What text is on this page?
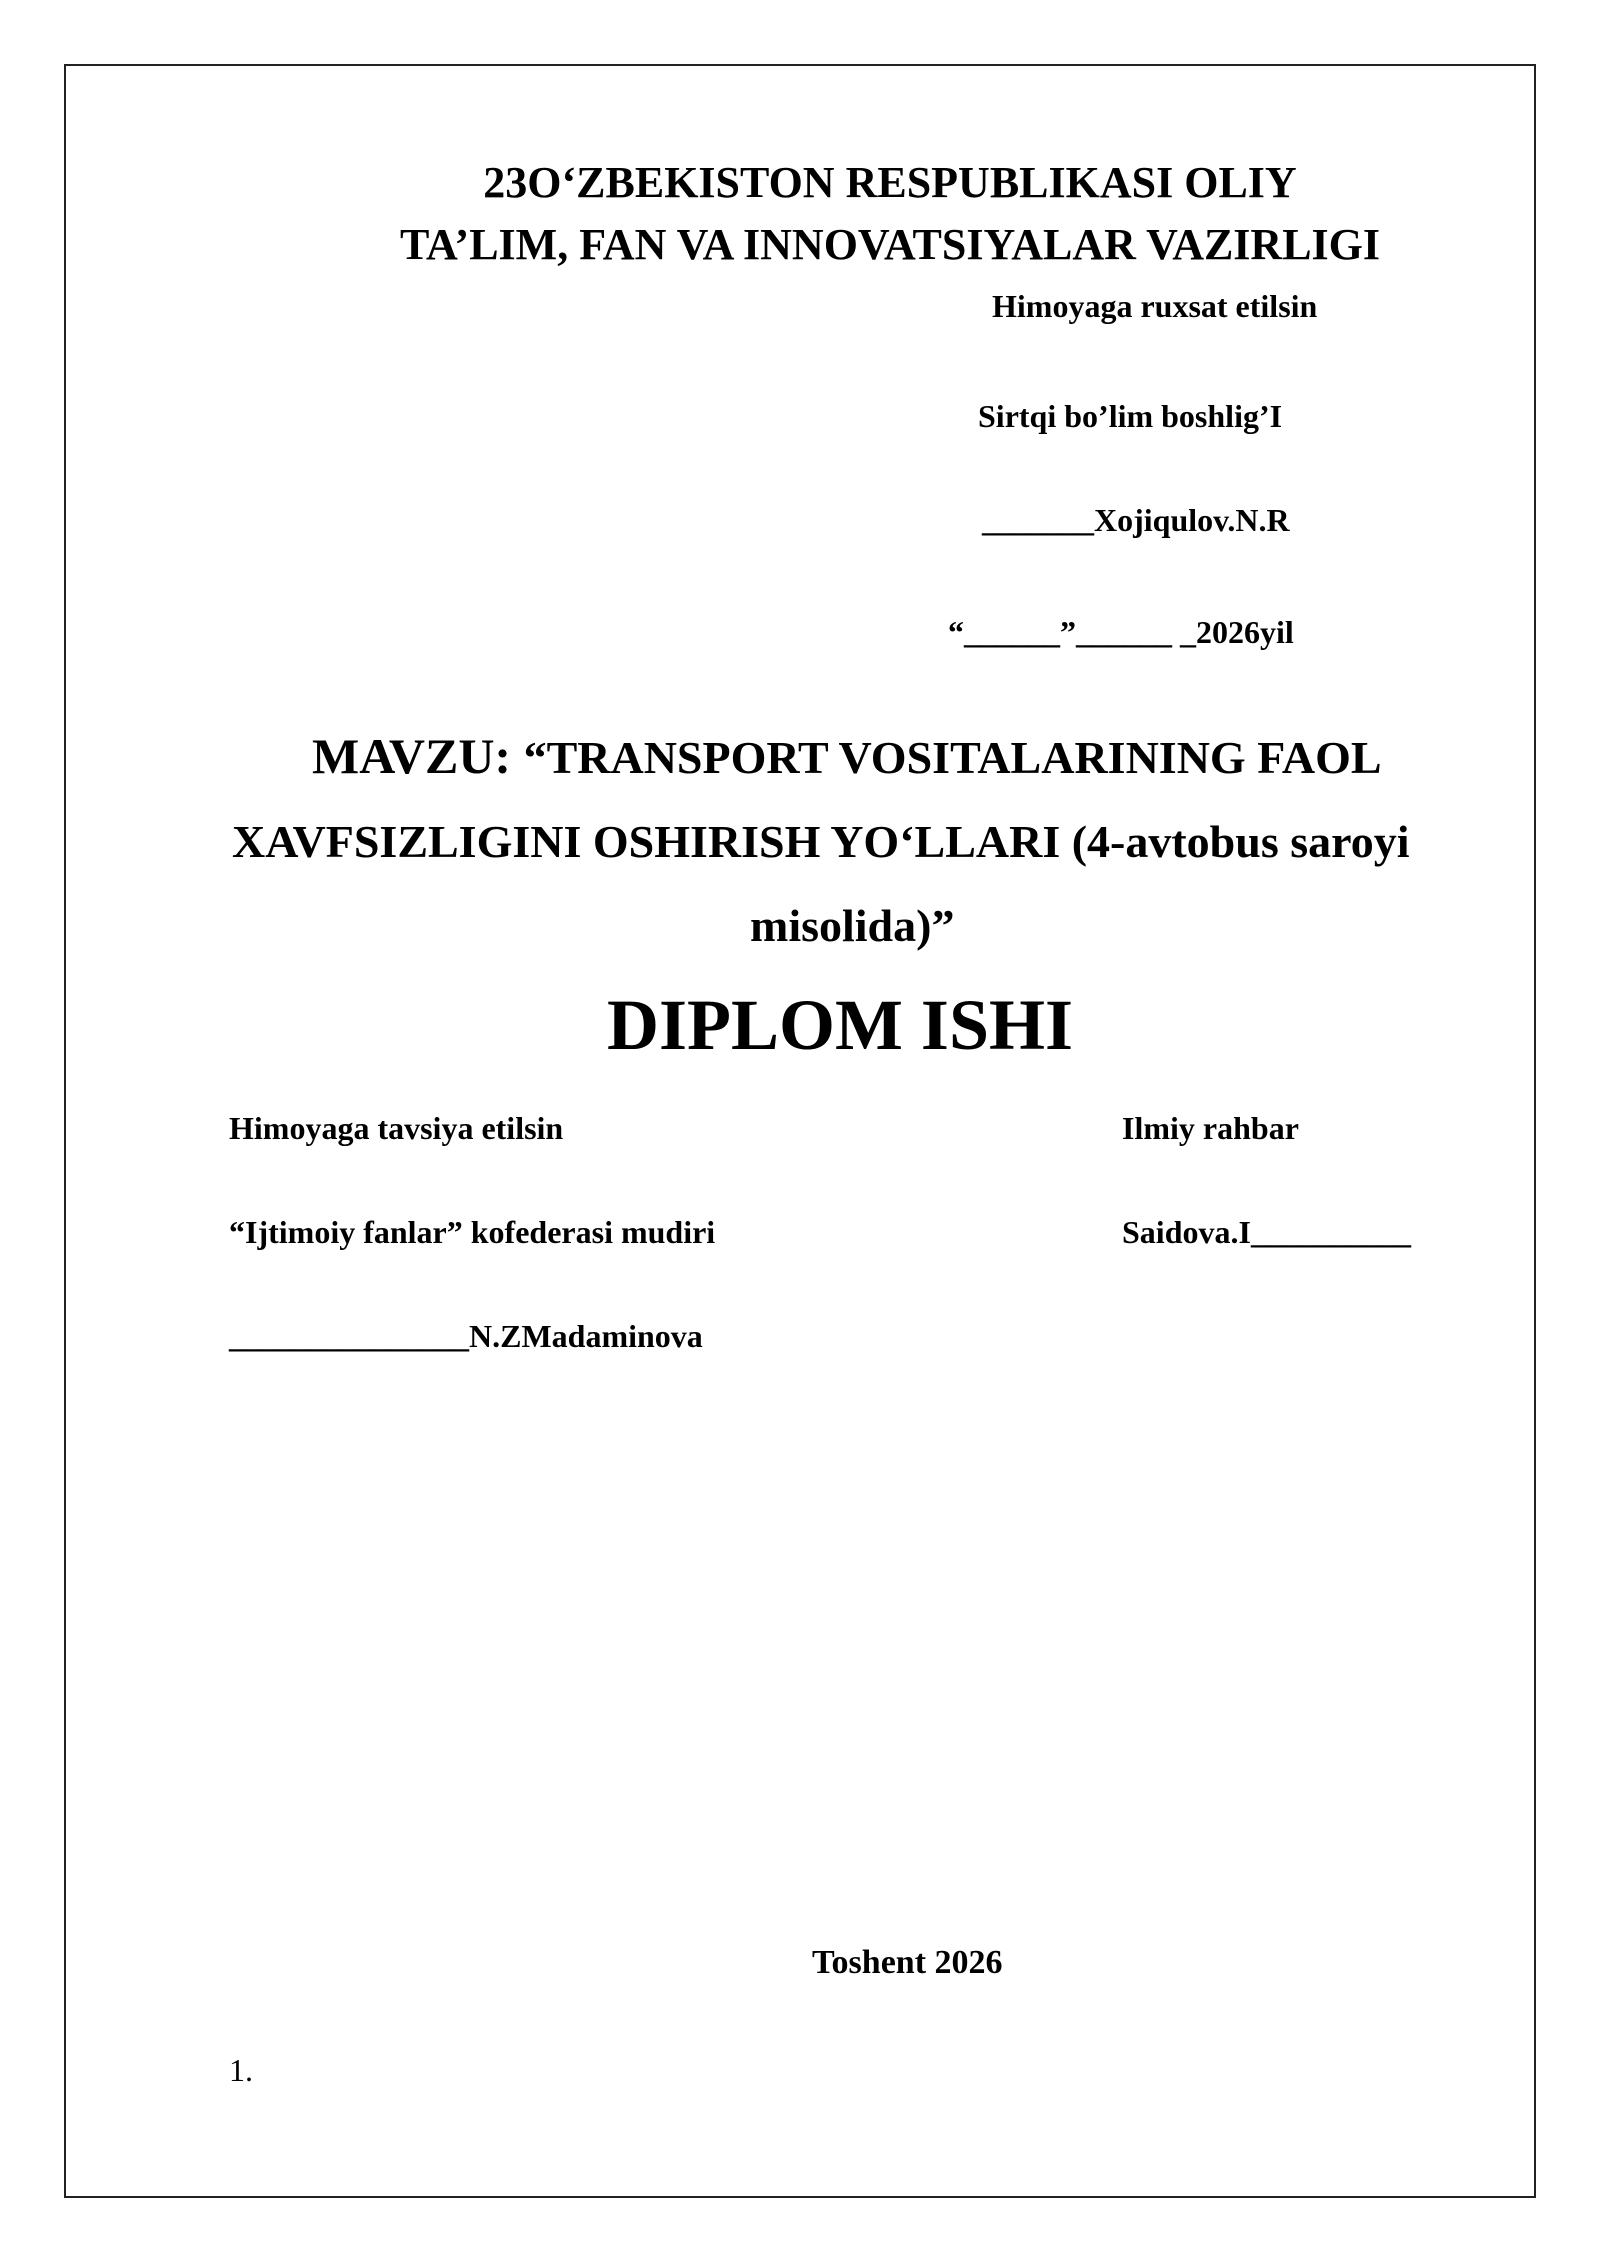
23O‘ZBEKISTON RESPUBLIKASI OLIY
TA’LIM, FAN VA INNOVATSIYALAR VAZIRLIGI
Himoyaga ruxsat etilsin
Sirtqi bo’lim boshlig’I
_______Xojiqulov.N.R
“______”______ _2026yil
MAVZU: “TRANSPORT VOSITALARINING FAOL
XAVFSIZLIGINI OSHIRISH YO‘LLARI (4-avtobus saroyi
misolida)”
DIPLOM ISHI
Himoyaga tavsiya etilsin	Ilmiy rahbar
“Ijtimoiy fanlar” kofederasi mudiri	Saidova.I__________
_______________N.ZMadaminova
Toshent 2026
1.
